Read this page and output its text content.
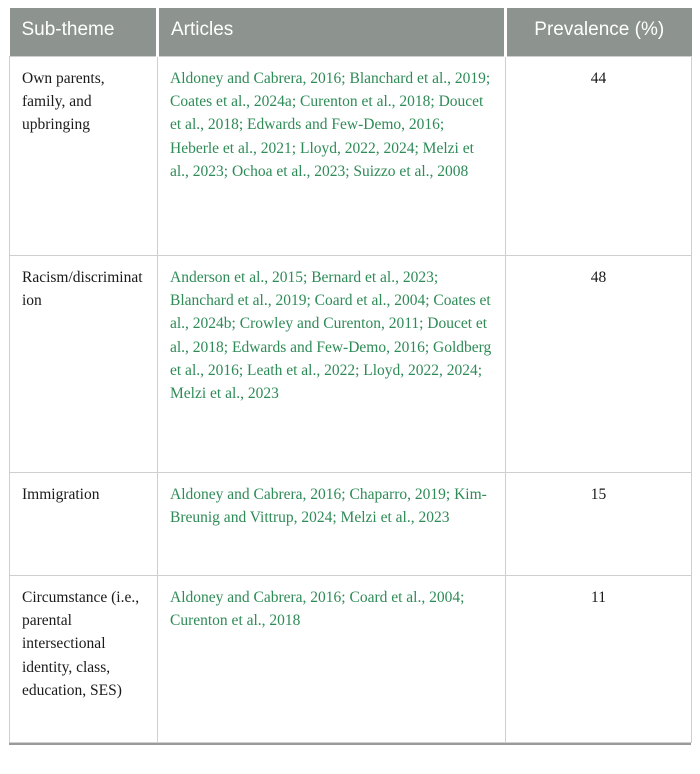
Sub-theme	Articles	Prevalence (%)
Own parents, family, and upbringing	Aldoney and Cabrera, 2016; Blanchard et al., 2019; Coates et al., 2024a; Curenton et al., 2018; Doucet et al., 2018; Edwards and Few-Demo, 2016; Heberle et al., 2021; Lloyd, 2022, 2024; Melzi et al., 2023; Ochoa et al., 2023; Suizzo et al., 2008	44
Racism/discrimination	Anderson et al., 2015; Bernard et al., 2023; Blanchard et al., 2019; Coard et al., 2004; Coates et al., 2024b; Crowley and Curenton, 2011; Doucet et al., 2018; Edwards and Few-Demo, 2016; Goldberg et al., 2016; Leath et al., 2022; Lloyd, 2022, 2024; Melzi et al., 2023	48
Immigration	Aldoney and Cabrera, 2016; Chaparro, 2019; Kim-Breunig and Vittrup, 2024; Melzi et al., 2023	15
Circumstance (i.e., parental intersectional identity, class, education, SES)	Aldoney and Cabrera, 2016; Coard et al., 2004; Curenton et al., 2018	11
